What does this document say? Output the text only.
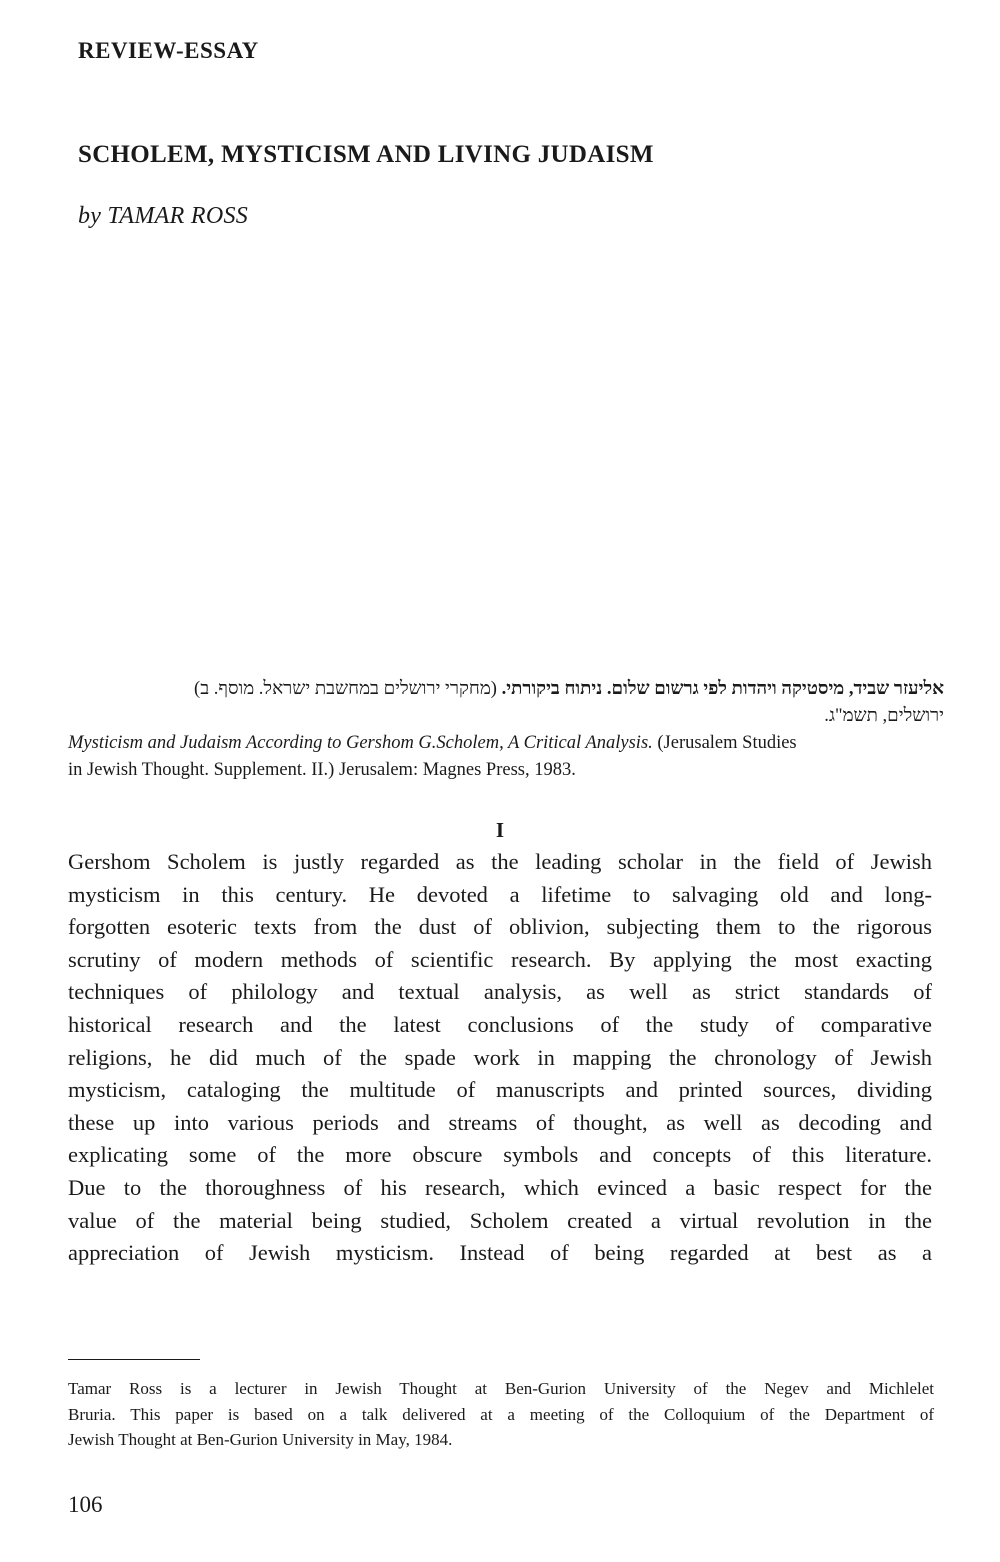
REVIEW-ESSAY
SCHOLEM, MYSTICISM AND LIVING JUDAISM
by TAMAR ROSS
אליעזר שביד, מיסטיקה ויהדות לפי גרשום שלום. ניתוח ביקורתי. (מחקרי ירושלים במחשבת ישראל. מוסף. ב)
ירושלים, תשמ"ג.
Mysticism and Judaism According to Gershom G.Scholem, A Critical Analysis. (Jerusalem Studies
in Jewish Thought. Supplement. II.) Jerusalem: Magnes Press, 1983.
I
Gershom Scholem is justly regarded as the leading scholar in the field of Jewish
mysticism in this century. He devoted a lifetime to salvaging old and long-
forgotten esoteric texts from the dust of oblivion, subjecting them to the rigorous
scrutiny of modern methods of scientific research. By applying the most exacting
techniques of philology and textual analysis, as well as strict standards of
historical research and the latest conclusions of the study of comparative
religions, he did much of the spade work in mapping the chronology of Jewish
mysticism, cataloging the multitude of manuscripts and printed sources, dividing
these up into various periods and streams of thought, as well as decoding and
explicating some of the more obscure symbols and concepts of this literature.
Due to the thoroughness of his research, which evinced a basic respect for the
value of the material being studied, Scholem created a virtual revolution in the
appreciation of Jewish mysticism. Instead of being regarded at best as a
Tamar Ross is a lecturer in Jewish Thought at Ben-Gurion University of the Negev and Michlelet
Bruria. This paper is based on a talk delivered at a meeting of the Colloquium of the Department of
Jewish Thought at Ben-Gurion University in May, 1984.
106
